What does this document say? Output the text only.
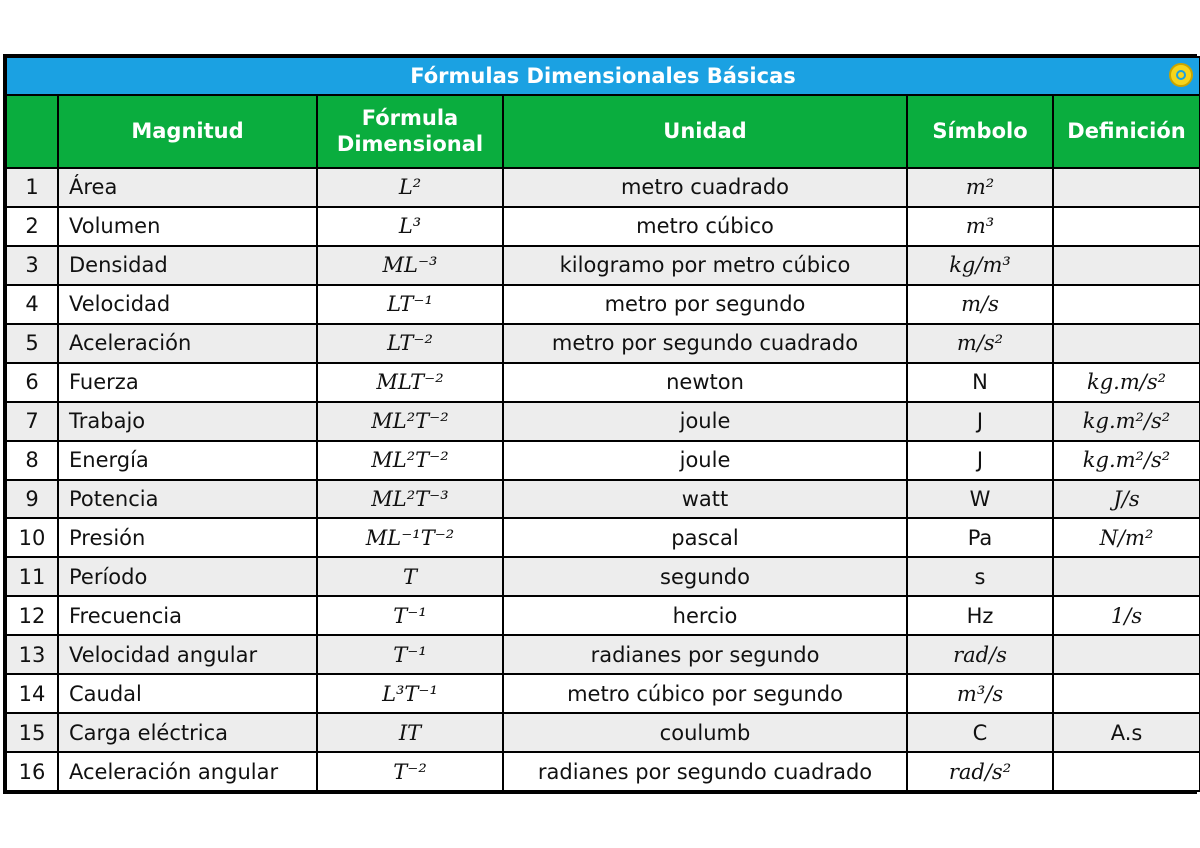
Fórmulas Dimensionales Básicas					

	Magnitud	Fórmula Dimensional	Unidad	Símbolo	Definición
1	Área	L²	metro cuadrado	m²	
2	Volumen	L³	metro cúbico	m³	
3	Densidad	ML⁻³	kilogramo por metro cúbico	kg/m³	
4	Velocidad	LT⁻¹	metro por segundo	m/s	
5	Aceleración	LT⁻²	metro por segundo cuadrado	m/s²	
6	Fuerza	MLT⁻²	newton	N	kg.m/s²
7	Trabajo	ML²T⁻²	joule	J	kg.m²/s²
8	Energía	ML²T⁻²	joule	J	kg.m²/s²
9	Potencia	ML²T⁻³	watt	W	J/s
10	Presión	ML⁻¹T⁻²	pascal	Pa	N/m²
11	Período	T	segundo	s	
12	Frecuencia	T⁻¹	hercio	Hz	1/s
13	Velocidad angular	T⁻¹	radianes por segundo	rad/s	
14	Caudal	L³T⁻¹	metro cúbico por segundo	m³/s	
15	Carga eléctrica	IT	coulumb	C	A.s
16	Aceleración angular	T⁻²	radianes por segundo cuadrado	rad/s²	
